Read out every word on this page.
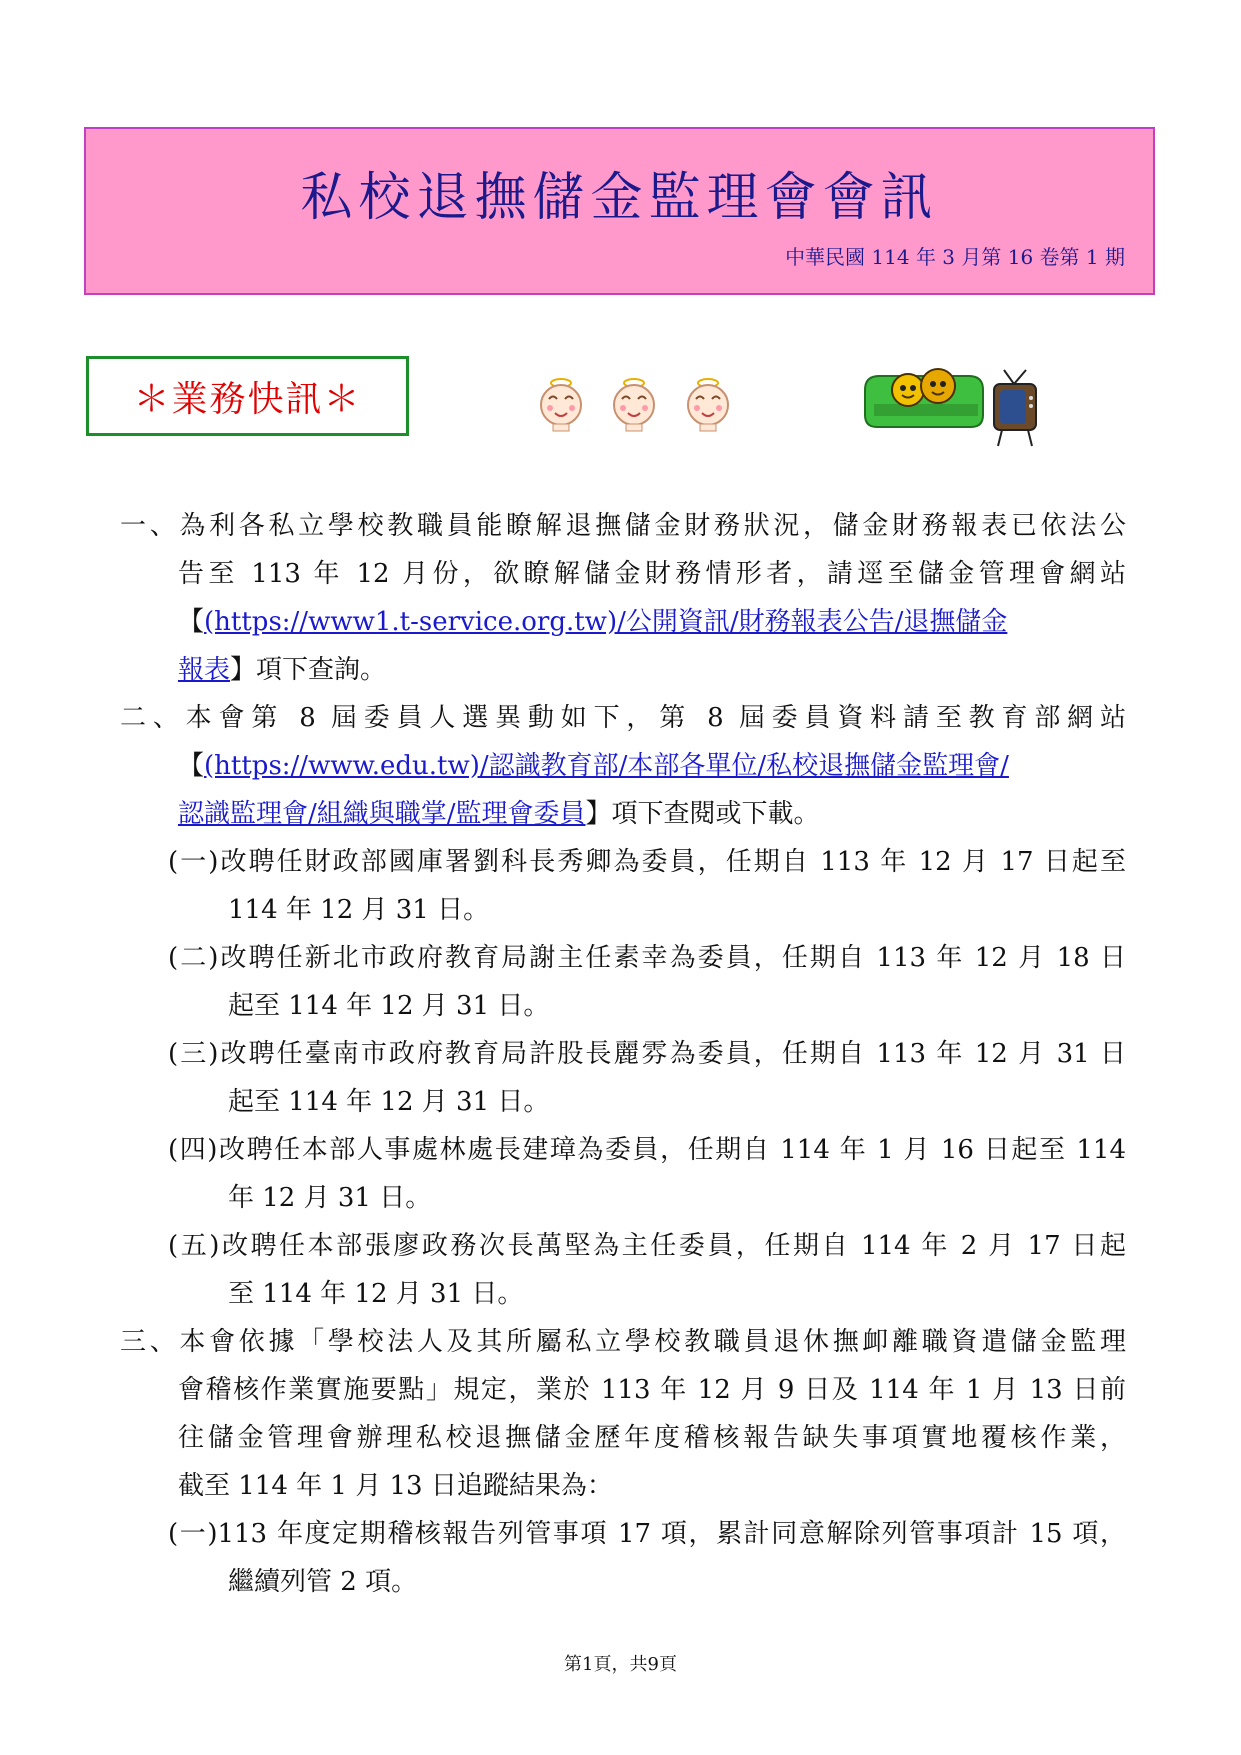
私校退撫儲金監理會會訊
中華民國 114 年 3 月第 16 卷第 1 期
＊業務快訊＊
一、為利各私立學校教職員能瞭解退撫儲金財務狀況，儲金財務報表已依法公
告至 113 年 12 月份，欲瞭解儲金財務情形者，請逕至儲金管理會網站
【(https://www1.t-service.org.tw)/公開資訊/財務報表公告/退撫儲金
報表】項下查詢。
二、本會第 8 屆委員人選異動如下，第 8 屆委員資料請至教育部網站
【(https://www.edu.tw)/認識教育部/本部各單位/私校退撫儲金監理會/
認識監理會/組織與職掌/監理會委員】項下查閱或下載。
(一)改聘任財政部國庫署劉科長秀卿為委員，任期自 113 年 12 月 17 日起至
114 年 12 月 31 日。
(二)改聘任新北市政府教育局謝主任素幸為委員，任期自 113 年 12 月 18 日
起至 114 年 12 月 31 日。
(三)改聘任臺南市政府教育局許股長麗雰為委員，任期自 113 年 12 月 31 日
起至 114 年 12 月 31 日。
(四)改聘任本部人事處林處長建璋為委員，任期自 114 年 1 月 16 日起至 114
年 12 月 31 日。
(五)改聘任本部張廖政務次長萬堅為主任委員，任期自 114 年 2 月 17 日起
至 114 年 12 月 31 日。
三、本會依據「學校法人及其所屬私立學校教職員退休撫卹離職資遣儲金監理
會稽核作業實施要點」規定，業於 113 年 12 月 9 日及 114 年 1 月 13 日前
往儲金管理會辦理私校退撫儲金歷年度稽核報告缺失事項實地覆核作業，
截至 114 年 1 月 13 日追蹤結果為：
(一)113 年度定期稽核報告列管事項 17 項，累計同意解除列管事項計 15 項，
繼續列管 2 項。
第1頁，共9頁
